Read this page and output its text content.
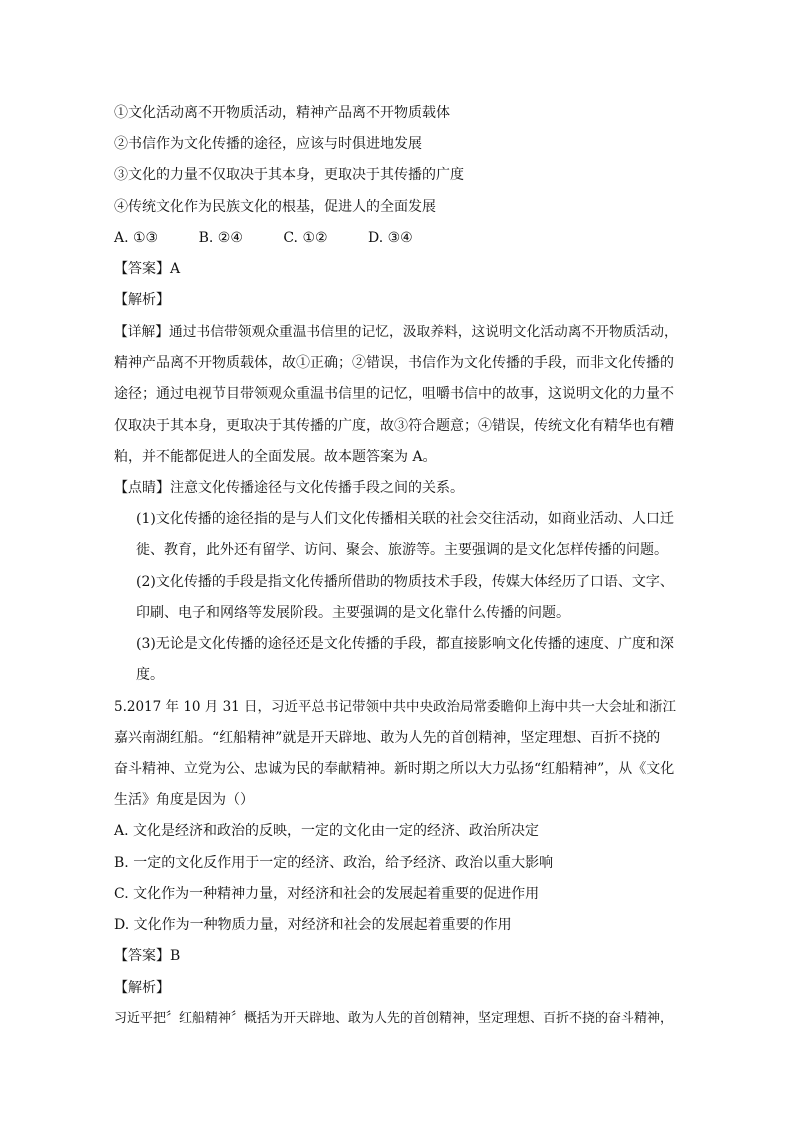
①文化活动离不开物质活动，精神产品离不开物质载体
②书信作为文化传播的途径，应该与时俱进地发展
③文化的力量不仅取决于其本身，更取决于其传播的广度
④传统文化作为民族文化的根基，促进人的全面发展
A. ①③	B. ②④	C. ①②	D. ③④
【答案】A
【解析】
【详解】通过书信带领观众重温书信里的记忆，汲取养料，这说明文化活动离不开物质活动，
精神产品离不开物质载体，故①正确；②错误，书信作为文化传播的手段，而非文化传播的
途径；通过电视节目带领观众重温书信里的记忆，咀嚼书信中的故事，这说明文化的力量不
仅取决于其本身，更取决于其传播的广度，故③符合题意；④错误，传统文化有精华也有糟
粕，并不能都促进人的全面发展。故本题答案为 A。
【点睛】注意文化传播途径与文化传播手段之间的关系。
(1)文化传播的途径指的是与人们文化传播相关联的社会交往活动，如商业活动、人口迁
徙、教育，此外还有留学、访问、聚会、旅游等。主要强调的是文化怎样传播的问题。
(2)文化传播的手段是指文化传播所借助的物质技术手段，传媒大体经历了口语、文字、
印刷、电子和网络等发展阶段。主要强调的是文化靠什么传播的问题。
(3)无论是文化传播的途径还是文化传播的手段，都直接影响文化传播的速度、广度和深
度。
5.2017 年 10 月 31 日，习近平总书记带领中共中央政治局常委瞻仰上海中共一大会址和浙江
嘉兴南湖红船。“红船精神”就是开天辟地、敢为人先的首创精神，坚定理想、百折不挠的
奋斗精神、立党为公、忠诚为民的奉献精神。新时期之所以大力弘扬“红船精神”，从《文化
生活》角度是因为（）
A. 文化是经济和政治的反映，一定的文化由一定的经济、政治所决定
B. 一定的文化反作用于一定的经济、政治，给予经济、政治以重大影响
C. 文化作为一种精神力量，对经济和社会的发展起着重要的促进作用
D. 文化作为一种物质力量，对经济和社会的发展起着重要的作用
【答案】B
【解析】
习近平把〞红船精神〞概括为开天辟地、敢为人先的首创精神，坚定理想、百折不挠的奋斗精神，
